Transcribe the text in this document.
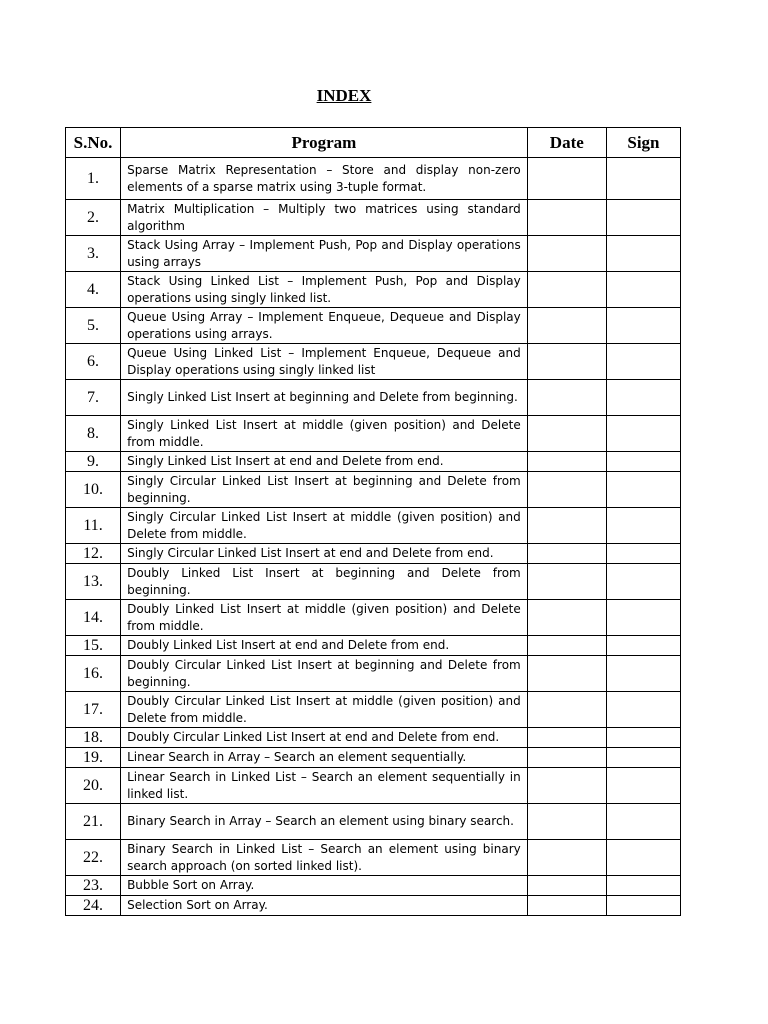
INDEX
S.No.	Program	Date	Sign
1.	Sparse Matrix Representation – Store and display non-zero elements of a sparse matrix using 3-tuple format.		
2.	Matrix Multiplication – Multiply two matrices using standard algorithm		
3.	Stack Using Array – Implement Push, Pop and Display operations using arrays		
4.	Stack Using Linked List – Implement Push, Pop and Display operations using singly linked list.		
5.	Queue Using Array – Implement Enqueue, Dequeue and Display operations using arrays.		
6.	Queue Using Linked List – Implement Enqueue, Dequeue and Display operations using singly linked list		
7.	Singly Linked List Insert at beginning and Delete from beginning.		
8.	Singly Linked List Insert at middle (given position) and Delete from middle.		
9.	Singly Linked List Insert at end and Delete from end.		
10.	Singly Circular Linked List Insert at beginning and Delete from beginning.		
11.	Singly Circular Linked List Insert at middle (given position) and Delete from middle.		
12.	Singly Circular Linked List Insert at end and Delete from end.		
13.	Doubly Linked List Insert at beginning and Delete from beginning.		
14.	Doubly Linked List Insert at middle (given position) and Delete from middle.		
15.	Doubly Linked List Insert at end and Delete from end.		
16.	Doubly Circular Linked List Insert at beginning and Delete from beginning.		
17.	Doubly Circular Linked List Insert at middle (given position) and Delete from middle.		
18.	Doubly Circular Linked List Insert at end and Delete from end.		
19.	Linear Search in Array – Search an element sequentially.		
20.	Linear Search in Linked List – Search an element sequentially in linked list.		
21.	Binary Search in Array – Search an element using binary search.		
22.	Binary Search in Linked List – Search an element using binary search approach (on sorted linked list).		
23.	Bubble Sort on Array.		
24.	Selection Sort on Array.		
